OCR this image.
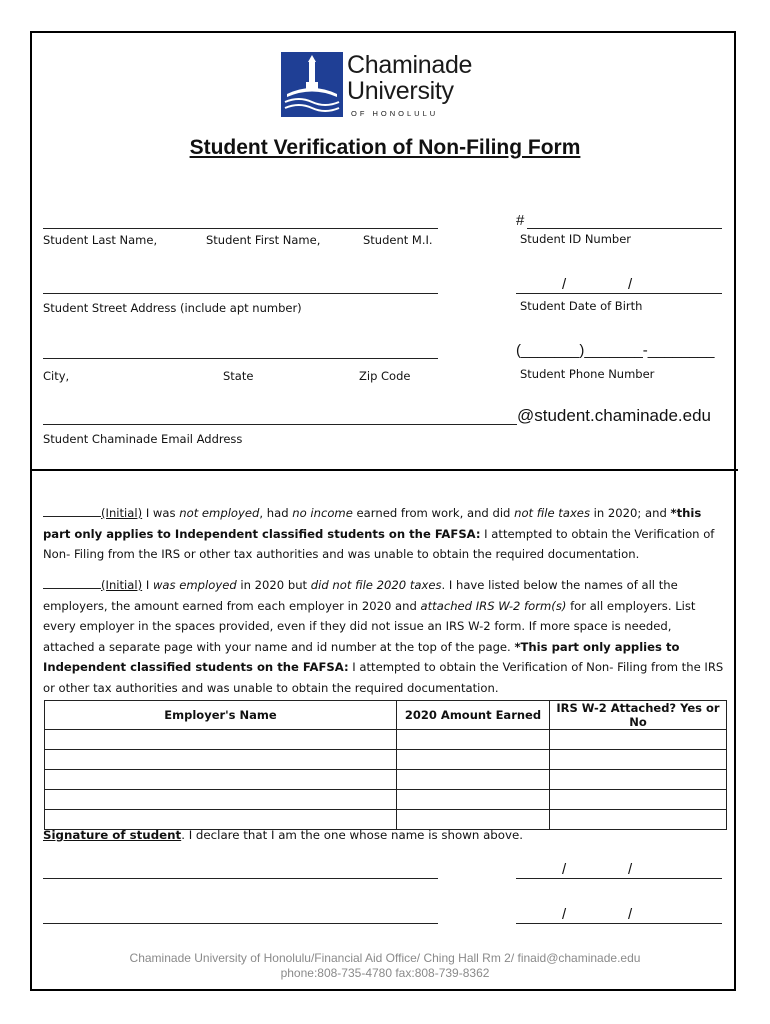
Chaminade
University
OF HONOLULU
Student Verification of Non-Filing Form
Student Last Name,	Student First Name,	Student M.I.
#
Student ID Number
Student Street Address (include apt number)
/	/
Student Date of Birth
City,	State	Zip Code
(_______)_______-________
Student Phone Number
@student.chaminade.edu
Student Chaminade Email Address
(Initial) I was not employed, had no income earned from work, and did not file taxes in 2020; and *this part only applies to Independent classified students on the FAFSA: I attempted to obtain the Verification of Non- Filing from the IRS or other tax authorities and was unable to obtain the required documentation.
(Initial) I was employed in 2020 but did not file 2020 taxes. I have listed below the names of all the employers, the amount earned from each employer in 2020 and attached IRS W-2 form(s) for all employers. List every employer in the spaces provided, even if they did not issue an IRS W-2 form. If more space is needed, attached a separate page with your name and id number at the top of the page. *This part only applies to Independent classified students on the FAFSA: I attempted to obtain the Verification of Non- Filing from the IRS or other tax authorities and was unable to obtain the required documentation.
Employer's Name	2020 Amount Earned	IRS W-2 Attached? Yes or No

Signature of student. I declare that I am the one whose name is shown above.
/	/
/	/
Chaminade University of Honolulu/Financial Aid Office/ Ching Hall Rm 2/ finaid@chaminade.edu
phone:808-735-4780 fax:808-739-8362
